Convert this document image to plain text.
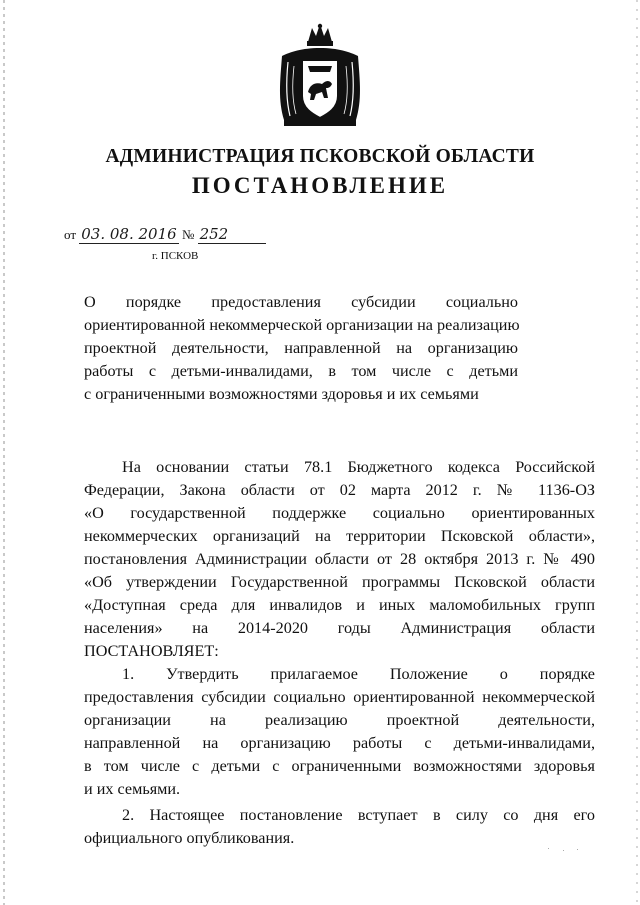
АДМИНИСТРАЦИЯ ПСКОВСКОЙ ОБЛАСТИ
ПОСТАНОВЛЕНИЕ
от 03. 08. 2016 № 252
г. ПСКОВ
О порядке предоставления субсидии социально
ориентированной некоммерческой организации на реализацию
проектной деятельности, направленной на организацию
работы с детьми-инвалидами, в том числе с детьми
с ограниченными возможностями здоровья и их семьями
На основании статьи 78.1 Бюджетного кодекса Российской
Федерации, Закона области от 02 марта 2012 г. № 1136-ОЗ
«О государственной поддержке социально ориентированных
некоммерческих организаций на территории Псковской области»,
постановления Администрации области от 28 октября 2013 г. № 490
«Об утверждении Государственной программы Псковской области
«Доступная среда для инвалидов и иных маломобильных групп
населения» на 2014-2020 годы Администрация области
ПОСТАНОВЛЯЕТ:
1. Утвердить прилагаемое Положение о порядке
предоставления субсидии социально ориентированной некоммерческой
организации на реализацию проектной деятельности,
направленной на организацию работы с детьми-инвалидами,
в том числе с детьми с ограниченными возможностями здоровья
и их семьями.
2. Настоящее постановление вступает в силу со дня его
официального опубликования.
